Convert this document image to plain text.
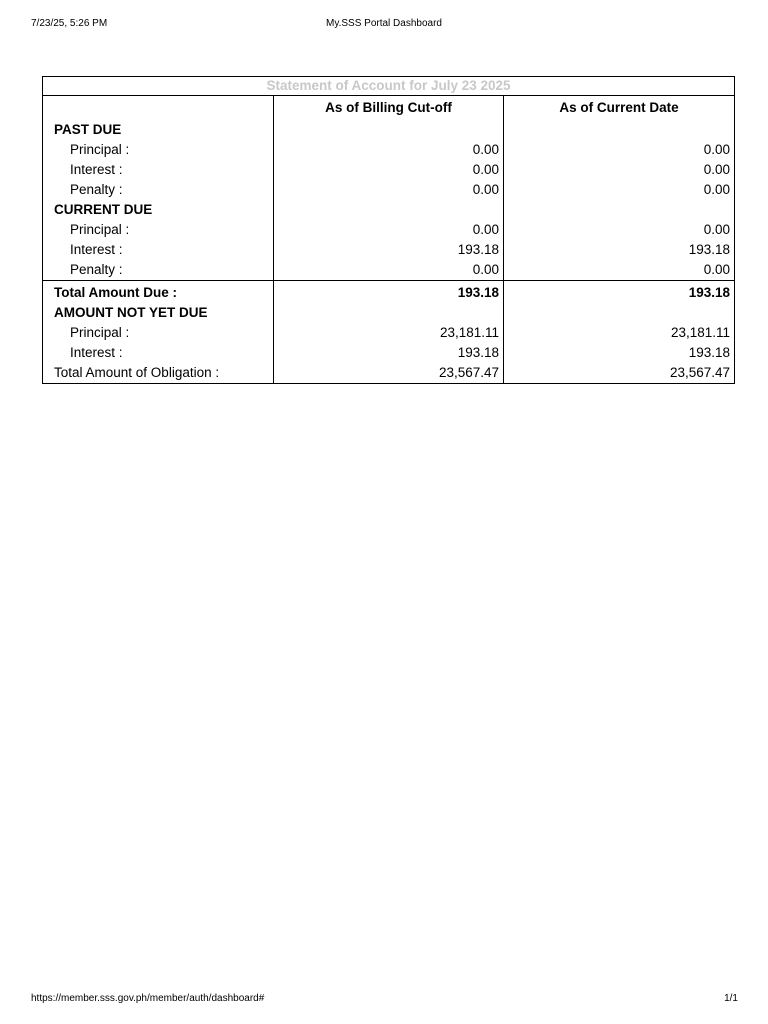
7/23/25, 5:26 PM	My.SSS Portal Dashboard
Statement of Account for July 23 2025
PAST DUE
Principal :
Interest :
Penalty :
CURRENT DUE
Principal :
Interest :
Penalty :
As of Billing Cut-off
0.00
0.00
0.00
0.00
193.18
0.00
As of Current Date
0.00
0.00
0.00
0.00
193.18
0.00
Total Amount Due :
AMOUNT NOT YET DUE
Principal :
Interest :
Total Amount of Obligation :
193.18
23,181.11
193.18
23,567.47
193.18
23,181.11
193.18
23,567.47
https://member.sss.gov.ph/member/auth/dashboard#	1/1
